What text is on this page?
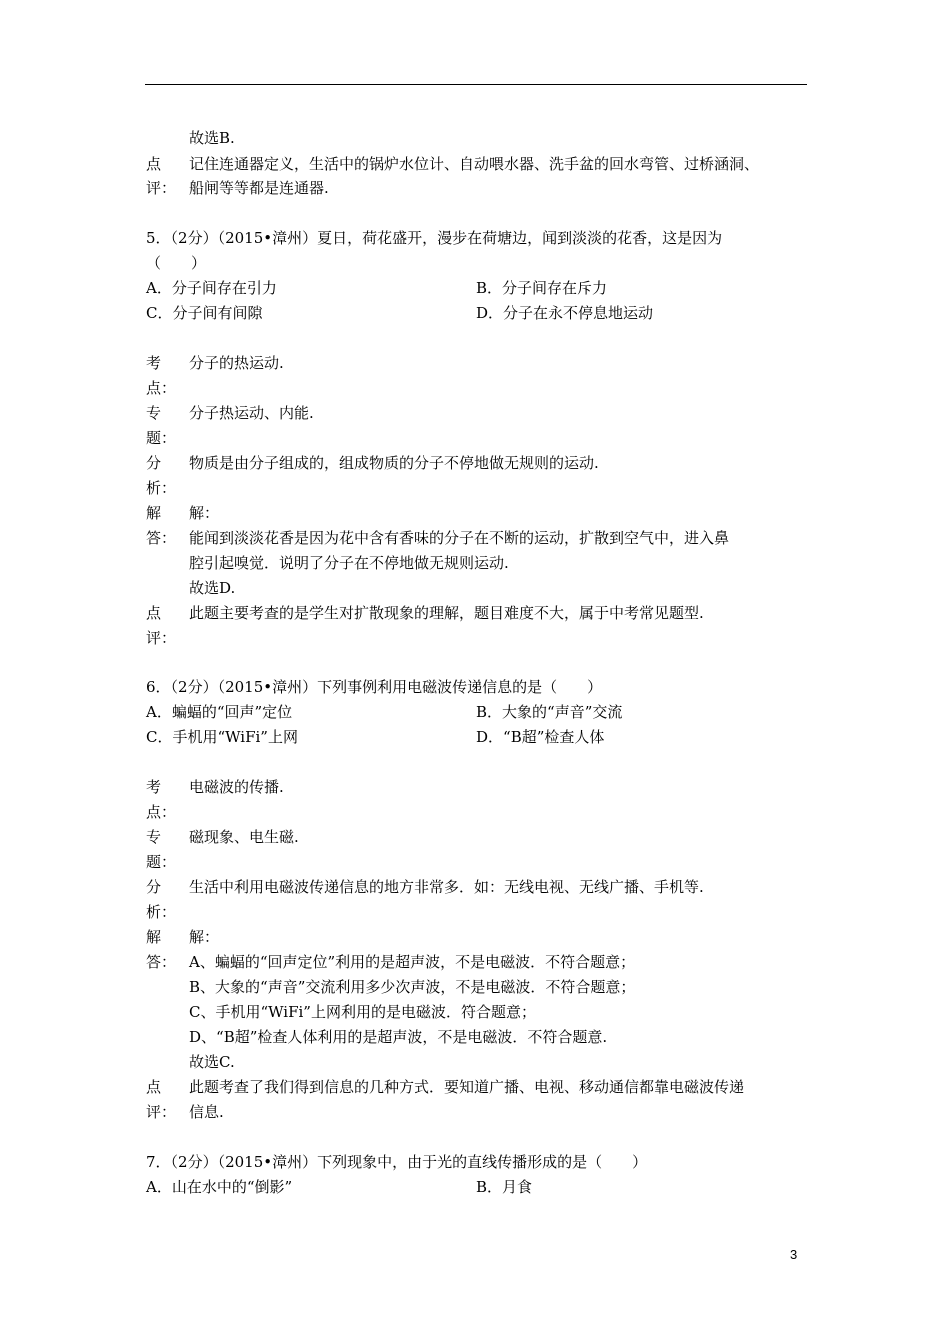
故选B.
点
评：
记住连通器定义，生活中的锅炉水位计、自动喂水器、洗手盆的回水弯管、过桥涵洞、
船闸等等都是连通器.
5．（2分）（2015•漳州）夏日，荷花盛开，漫步在荷塘边，闻到淡淡的花香，这是因为
（　　）
A．分子间存在引力	B．分子间存在斥力
C．分子间有间隙	D．分子在永不停息地运动
考
点：
分子的热运动.
专
题：
分子热运动、内能.
分
析：
物质是由分子组成的，组成物质的分子不停地做无规则的运动.
解
答：
解：
能闻到淡淡花香是因为花中含有香味的分子在不断的运动，扩散到空气中，进入鼻
腔引起嗅觉．说明了分子在不停地做无规则运动.
故选D.
点
评：
此题主要考查的是学生对扩散现象的理解，题目难度不大，属于中考常见题型.
6．（2分）（2015•漳州）下列事例利用电磁波传递信息的是（　　）
A．蝙蝠的“回声”定位	B．大象的“声音”交流
C．手机用“WiFi”上网	D．“B超”检查人体
考
点：
电磁波的传播.
专
题：
磁现象、电生磁.
分
析：
生活中利用电磁波传递信息的地方非常多．如：无线电视、无线广播、手机等.
解
答：
解：
A、蝙蝠的“回声定位”利用的是超声波，不是电磁波．不符合题意；
B、大象的“声音”交流利用多少次声波，不是电磁波．不符合题意；
C、手机用“WiFi”上网利用的是电磁波．符合题意；
D、“B超”检查人体利用的是超声波，不是电磁波．不符合题意.
故选C.
点
评：
此题考查了我们得到信息的几种方式．要知道广播、电视、移动通信都靠电磁波传递
信息.
7．（2分）（2015•漳州）下列现象中，由于光的直线传播形成的是（　　）
A．山在水中的“倒影”	B．月食
3
